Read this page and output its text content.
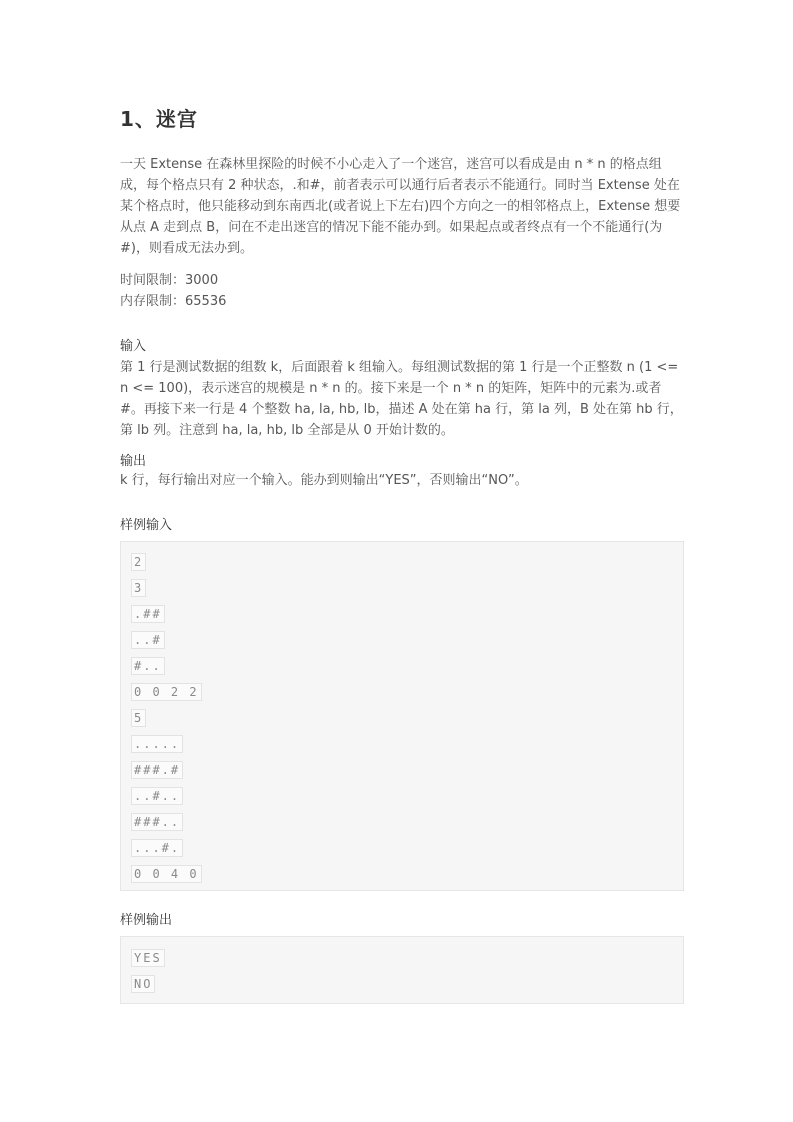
1、迷宫

一天 Extense 在森林里探险的时候不小心走入了一个迷宫，迷宫可以看成是由 n * n 的格点组成，每个格点只有 2 种状态，.和#，前者表示可以通行后者表示不能通行。同时当 Extense 处在某个格点时，他只能移动到东南西北(或者说上下左右)四个方向之一的相邻格点上，Extense 想要从点 A 走到点 B，问在不走出迷宫的情况下能不能办到。如果起点或者终点有一个不能通行(为#)，则看成无法办到。

时间限制：3000

内存限制：65536

输入

第 1 行是测试数据的组数 k，后面跟着 k 组输入。每组测试数据的第 1 行是一个正整数 n (1 <= n <= 100)，表示迷宫的规模是 n * n 的。接下来是一个 n * n 的矩阵，矩阵中的元素为.或者#。再接下来一行是 4 个整数 ha, la, hb, lb，描述 A 处在第 ha 行，第 la 列，B 处在第 hb 行，第 lb 列。注意到 ha, la, hb, lb 全部是从 0 开始计数的。

输出

k 行，每行输出对应一个输入。能办到则输出“YES”，否则输出“NO”。

样例输入

2
3
.##
..#
#..
0 0 2 2
5
.....
###.#
..#..
###..
...#.
0 0 4 0

样例输出

YES
NO
